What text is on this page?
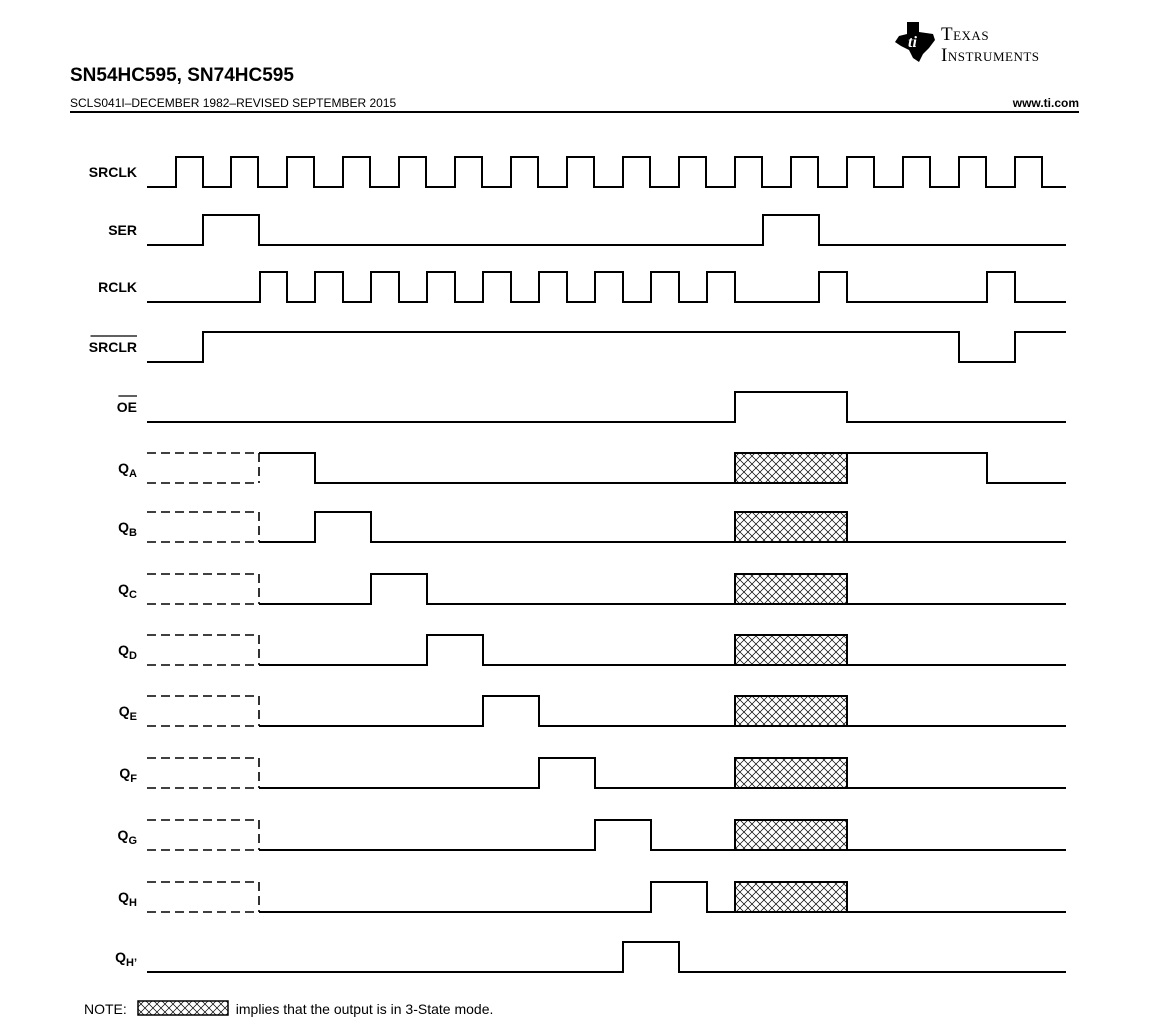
ti Texas
Instruments
SN54HC595, SN74HC595
SCLS041I–DECEMBER 1982–REVISED SEPTEMBER 2015	www.ti.com
SRCLK
SER
RCLK
SRCLR
OE
$Q_A$
$Q_B$
$Q_C$
$Q_D$
$Q_E$
$Q_F$
$Q_G$
$Q_H$
$Q_{H’}$
NOTE:	implies that the output is in 3-State mode.
